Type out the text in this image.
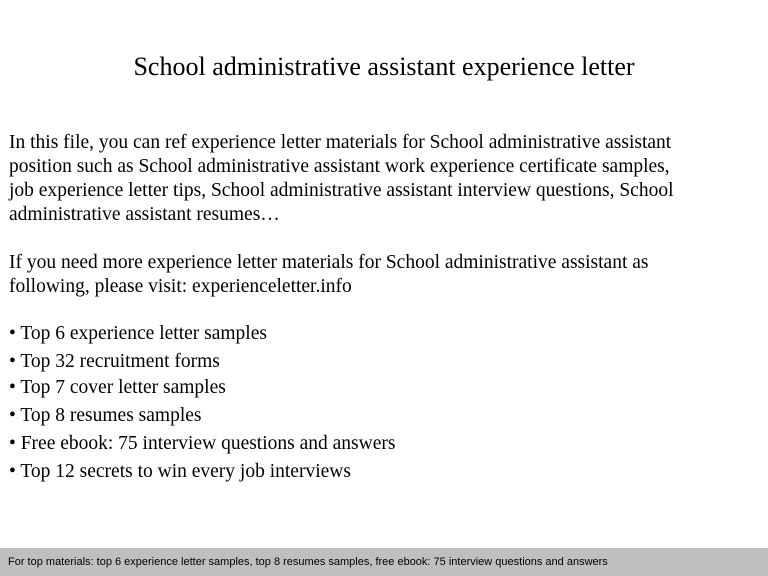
School administrative assistant experience letter

In this file, you can ref experience letter materials for School administrative assistant
position such as School administrative assistant work experience certificate samples,
job experience letter tips, School administrative assistant interview questions, School
administrative assistant resumes…

If you need more experience letter materials for School administrative assistant as
following, please visit: experienceletter.info

• Top 6 experience letter samples
• Top 32 recruitment forms
• Top 7 cover letter samples
• Top 8 resumes samples
• Free ebook: 75 interview questions and answers
• Top 12 secrets to win every job interviews
For top materials: top 6 experience letter samples, top 8 resumes samples, free ebook: 75 interview questions and answers
